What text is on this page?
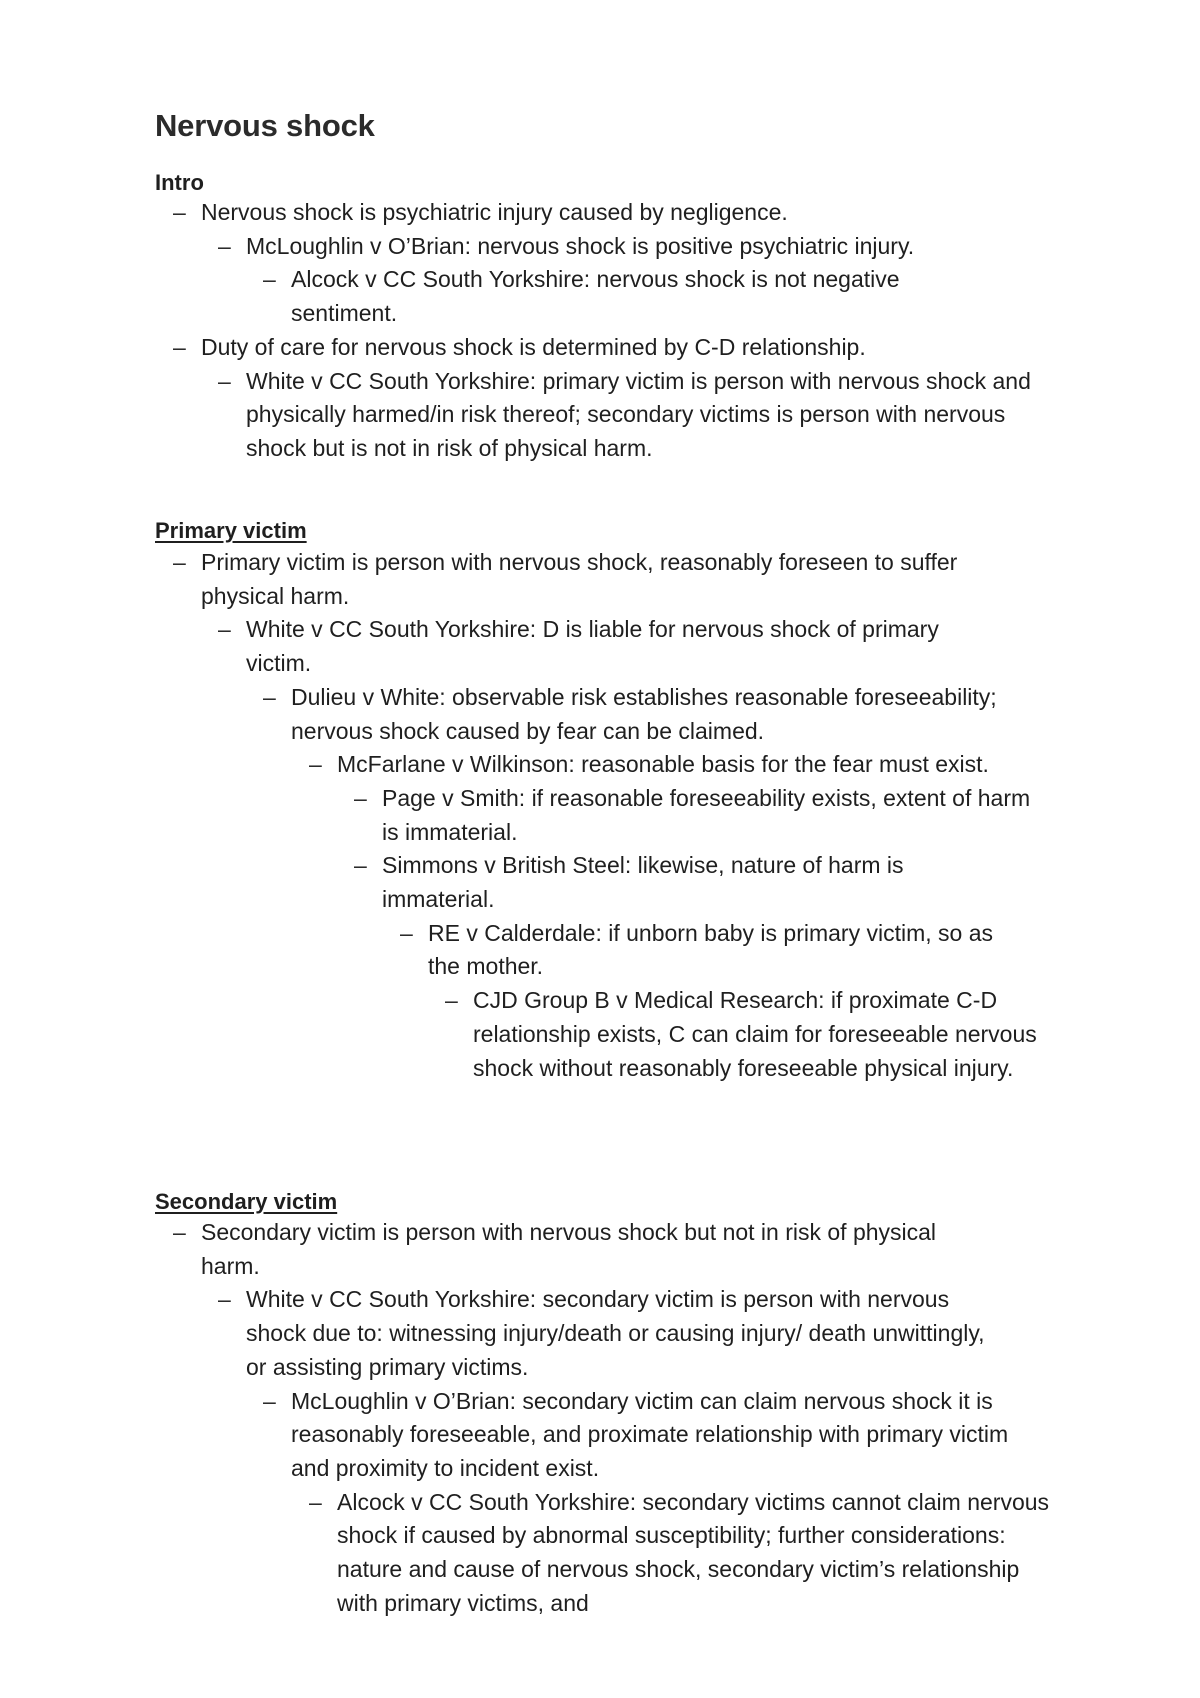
Nervous shock
Intro
– Nervous shock is psychiatric injury caused by negligence.
– McLoughlin v O’Brian: nervous shock is positive psychiatric injury.
– Alcock v CC South Yorkshire: nervous shock is not negative sentiment.
– Duty of care for nervous shock is determined by C-D relationship.
– White v CC South Yorkshire: primary victim is person with nervous shock and physically harmed/in risk thereof; secondary victims is person with nervous shock but is not in risk of physical harm.
Primary victim
– Primary victim is person with nervous shock, reasonably foreseen to suffer physical harm.
– White v CC South Yorkshire: D is liable for nervous shock of primary victim.
– Dulieu v White: observable risk establishes reasonable foreseeability; nervous shock caused by fear can be claimed.
– McFarlane v Wilkinson: reasonable basis for the fear must exist.
– Page v Smith: if reasonable foreseeability exists, extent of harm is immaterial.
– Simmons v British Steel: likewise, nature of harm is immaterial.
– RE v Calderdale: if unborn baby is primary victim, so as the mother.
– CJD Group B v Medical Research: if proximate C-D relationship exists, C can claim for foreseeable nervous shock without reasonably foreseeable physical injury.
Secondary victim
– Secondary victim is person with nervous shock but not in risk of physical harm.
– White v CC South Yorkshire: secondary victim is person with nervous shock due to: witnessing injury/death or causing injury/ death unwittingly, or assisting primary victims.
– McLoughlin v O’Brian: secondary victim can claim nervous shock it is reasonably foreseeable, and proximate relationship with primary victim and proximity to incident exist.
– Alcock v CC South Yorkshire: secondary victims cannot claim nervous shock if caused by abnormal susceptibility; further considerations: nature and cause of nervous shock, secondary victim’s relationship with primary victims, and
